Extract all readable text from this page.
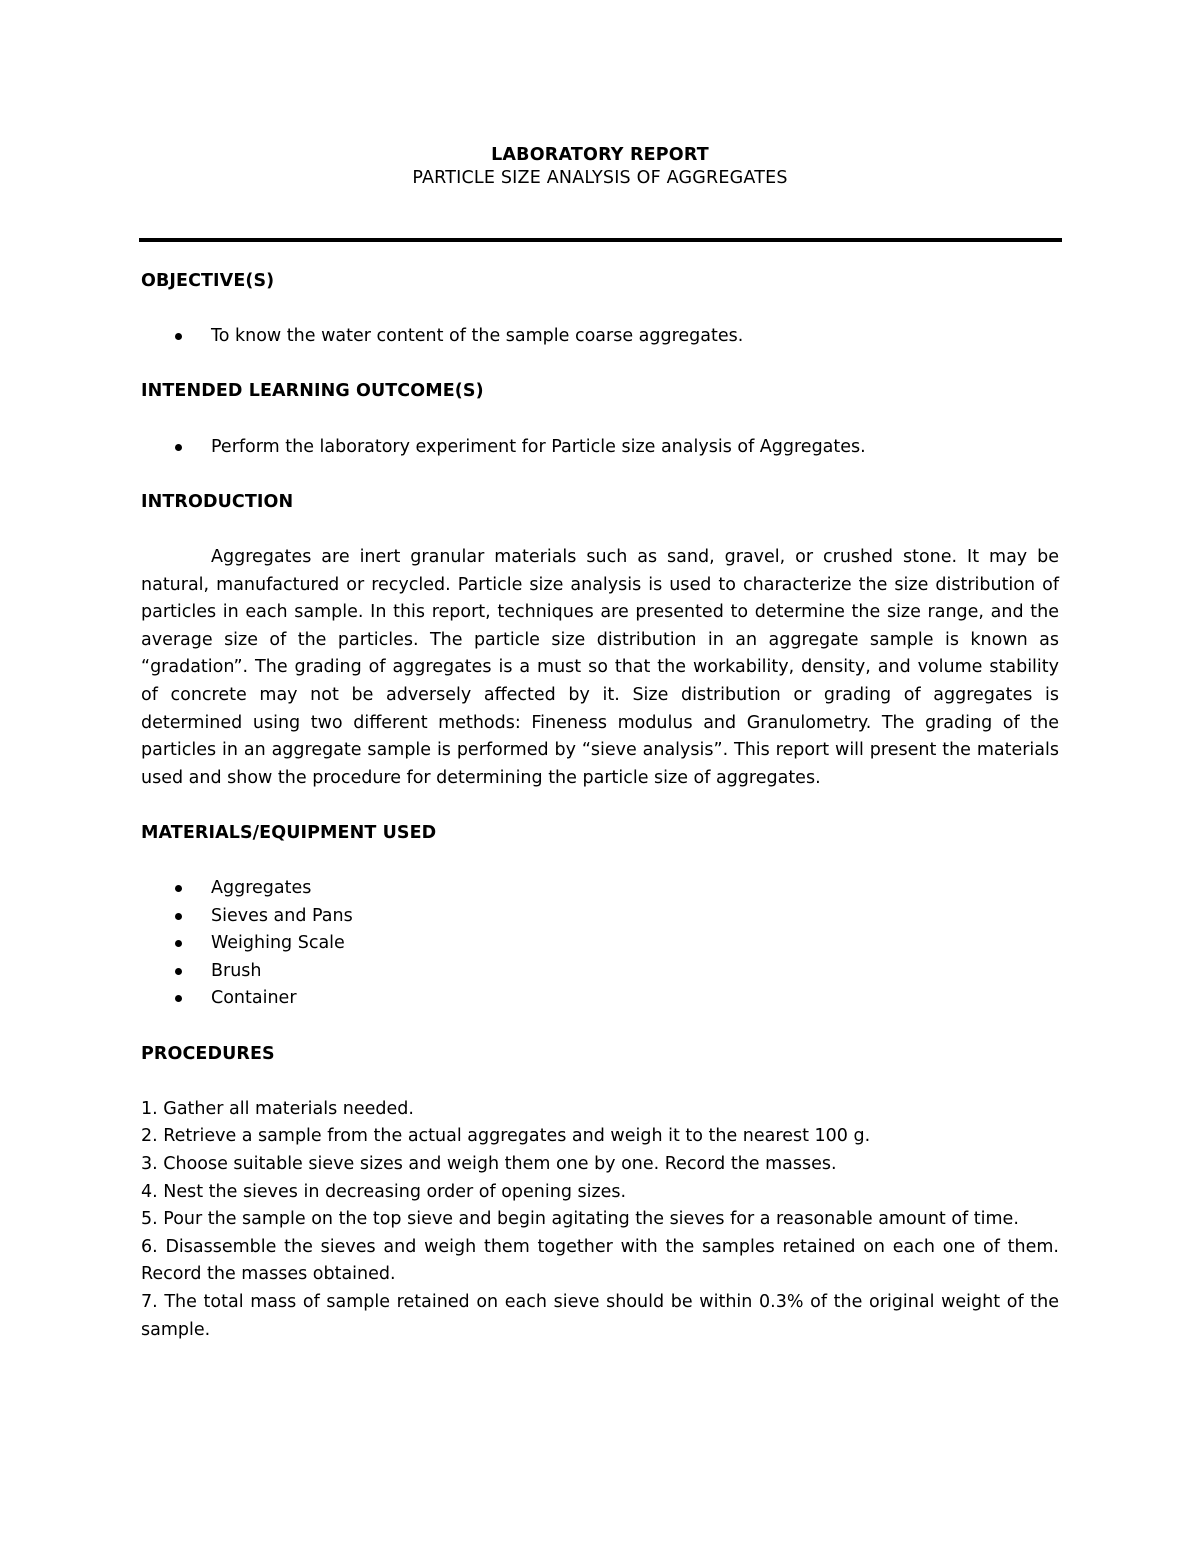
LABORATORY REPORT
PARTICLE SIZE ANALYSIS OF AGGREGATES

OBJECTIVE(S)

To know the water content of the sample coarse aggregates.

INTENDED LEARNING OUTCOME(S)

Perform the laboratory experiment for Particle size analysis of Aggregates.

INTRODUCTION

Aggregates are inert granular materials such as sand, gravel, or crushed stone. It may be natural, manufactured or recycled. Particle size analysis is used to characterize the size distribution of particles in each sample. In this report, techniques are presented to determine the size range, and the average size of the particles. The particle size distribution in an aggregate sample is known as “gradation”. The grading of aggregates is a must so that the workability, density, and volume stability of concrete may not be adversely affected by it. Size distribution or grading of aggregates is determined using two different methods: Fineness modulus and Granulometry. The grading of the particles in an aggregate sample is performed by “sieve analysis”. This report will present the materials used and show the procedure for determining the particle size of aggregates.

MATERIALS/EQUIPMENT USED

Aggregates
Sieves and Pans
Weighing Scale
Brush
Container

PROCEDURES

1. Gather all materials needed.
2. Retrieve a sample from the actual aggregates and weigh it to the nearest 100 g.
3. Choose suitable sieve sizes and weigh them one by one. Record the masses.
4. Nest the sieves in decreasing order of opening sizes.
5. Pour the sample on the top sieve and begin agitating the sieves for a reasonable amount of time.
6. Disassemble the sieves and weigh them together with the samples retained on each one of them. Record the masses obtained.
7. The total mass of sample retained on each sieve should be within 0.3% of the original weight of the sample.
